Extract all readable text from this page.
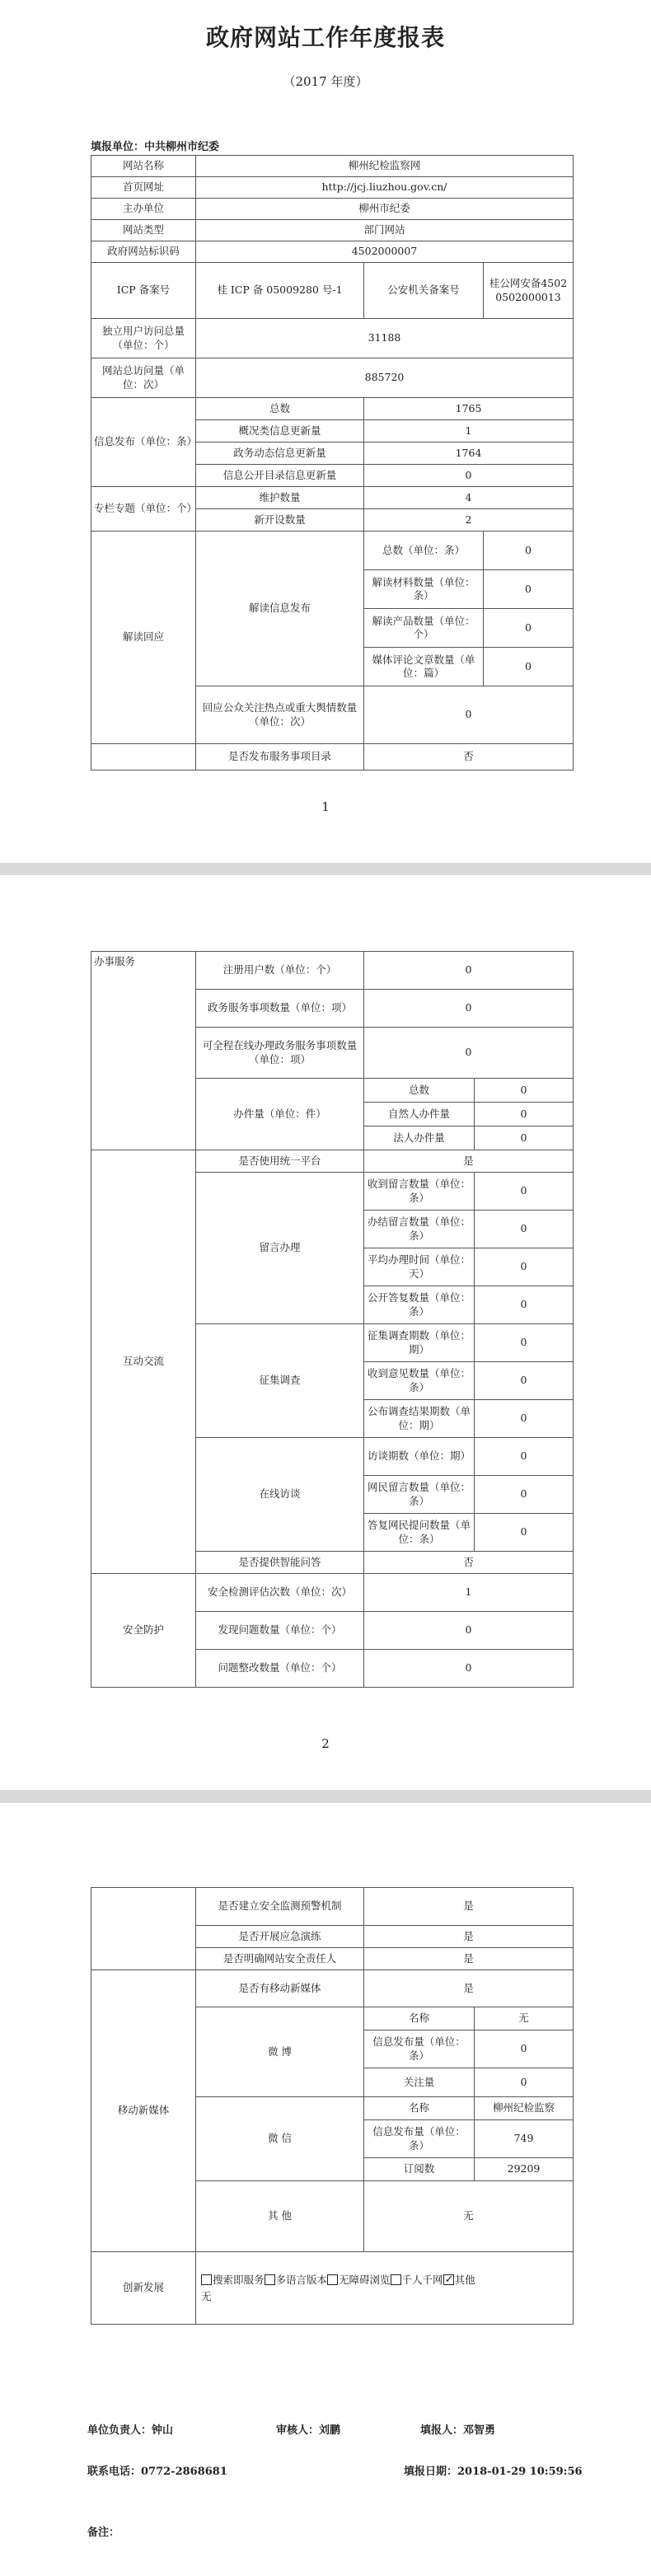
政府网站工作年度报表
（2017 年度）
填报单位：中共柳州市纪委
网站名称	柳州纪检监察网		
首页网址	http://jcj.liuzhou.gov.cn/		
主办单位	柳州市纪委		
网站类型	部门网站		
政府网站标识码	4502000007		
ICP 备案号	桂 ICP 备 05009280 号-1	公安机关备案号	桂公网安备45020502000013
独立用户访问总量（单位：个）	31188		
网站总访问量（单位：次）	885720		
信息发布（单位：条）	总数	1765	
	概况类信息更新量	1	
	政务动态信息更新量	1764	
	信息公开目录信息更新量	0	
专栏专题（单位：个）	维护数量	4	
	新开设数量	2	
解读回应	解读信息发布	总数（单位：条）	0
		解读材料数量（单位：条）	0
		解读产品数量（单位：个）	0
		媒体评论文章数量（单位：篇）	0
	回应公众关注热点或重大舆情数量（单位：次）	0	
	是否发布服务事项目录	否	
1
办事服务	注册用户数（单位：个）	0	
	政务服务事项数量（单位：项）	0	
	可全程在线办理政务服务事项数量（单位：项）	0	
	办件量（单位：件）	总数	0
		自然人办件量	0
		法人办件量	0
互动交流	是否使用统一平台	是	
	留言办理	收到留言数量（单位：条）	0
		办结留言数量（单位：条）	0
		平均办理时间（单位：天）	0
		公开答复数量（单位：条）	0
	征集调查	征集调查期数（单位：期）	0
		收到意见数量（单位：条）	0
		公布调查结果期数（单位：期）	0
	在线访谈	访谈期数（单位：期）	0
		网民留言数量（单位：条）	0
		答复网民提问数量（单位：条）	0
	是否提供智能问答	否	
安全防护	安全检测评估次数（单位：次）	1	
	发现问题数量（单位：个）	0	
	问题整改数量（单位：个）	0	
2
	是否建立安全监测预警机制	是	
	是否开展应急演练	是	
	是否明确网站安全责任人	是	
移动新媒体	是否有移动新媒体	是	
	微 博	名称	无
		信息发布量（单位：条）	0
		关注量	0
	微 信	名称	柳州纪检监察
		信息发布量（单位：条）	749
		订阅数	29209
	其 他	无	
创新发展	搜索即服务 多语言版本 无障碍浏览 千人千网 ✓ 其他
无
单位负责人：钟山	审核人：刘鹏	填报人：邓智勇
联系电话：0772-2868681	填报日期：2018-01-29 10:59:56
备注：
